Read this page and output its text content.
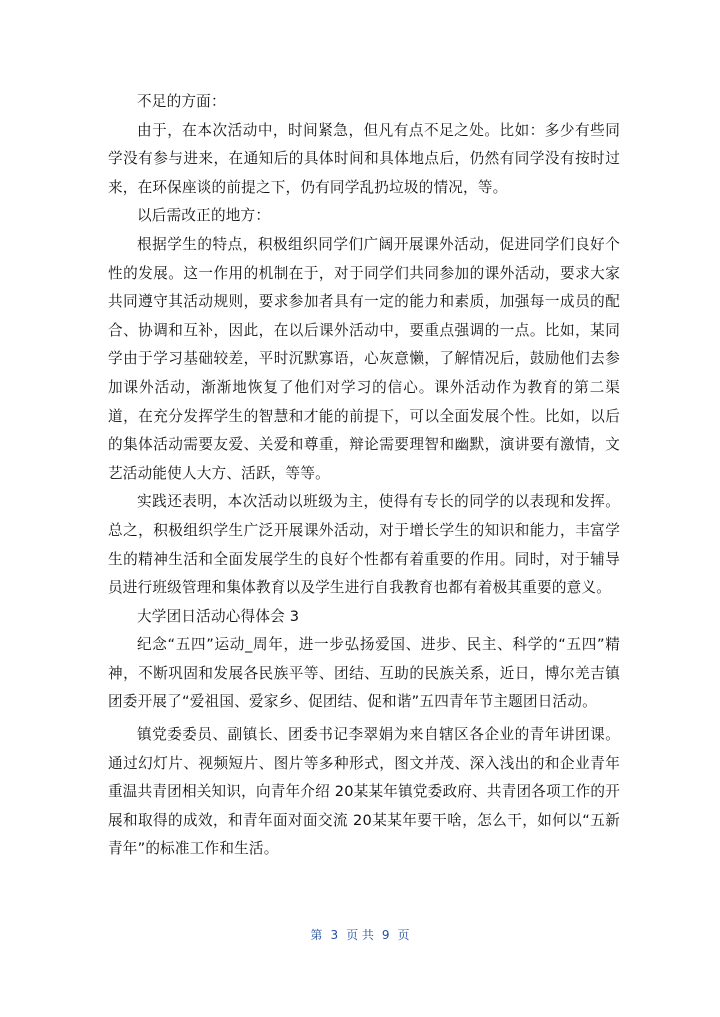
不足的方面：

由于，在本次活动中，时间紧急，但凡有点不足之处。比如：多少有些同学没有参与进来，在通知后的具体时间和具体地点后，仍然有同学没有按时过来，在环保座谈的前提之下，仍有同学乱扔垃圾的情况，等。

以后需改正的地方：

根据学生的特点，积极组织同学们广阔开展课外活动，促进同学们良好个性的发展。这一作用的机制在于，对于同学们共同参加的课外活动，要求大家共同遵守其活动规则，要求参加者具有一定的能力和素质，加强每一成员的配合、协调和互补，因此，在以后课外活动中，要重点强调的一点。比如，某同学由于学习基础较差，平时沉默寡语，心灰意懒，了解情况后，鼓励他们去参加课外活动，渐渐地恢复了他们对学习的信心。课外活动作为教育的第二渠道，在充分发挥学生的智慧和才能的前提下，可以全面发展个性。比如，以后的集体活动需要友爱、关爱和尊重，辩论需要理智和幽默，演讲要有激情，文艺活动能使人大方、活跃，等等。

实践还表明，本次活动以班级为主，使得有专长的同学的以表现和发挥。总之，积极组织学生广泛开展课外活动，对于增长学生的知识和能力，丰富学生的精神生活和全面发展学生的良好个性都有着重要的作用。同时，对于辅导员进行班级管理和集体教育以及学生进行自我教育也都有着极其重要的意义。

大学团日活动心得体会 3

纪念“五四”运动_周年，进一步弘扬爱国、进步、民主、科学的“五四”精神，不断巩固和发展各民族平等、团结、互助的民族关系，近日，博尔羌吉镇团委开展了“爱祖国、爱家乡、促团结、促和谐”五四青年节主题团日活动。

镇党委委员、副镇长、团委书记李翠娟为来自辖区各企业的青年讲团课。通过幻灯片、视频短片、图片等多种形式，图文并茂、深入浅出的和企业青年重温共青团相关知识，向青年介绍 20某某年镇党委政府、共青团各项工作的开展和取得的成效，和青年面对面交流 20某某年要干啥，怎么干，如何以“五新青年”的标准工作和生活。

第 3 页 共 9 页
